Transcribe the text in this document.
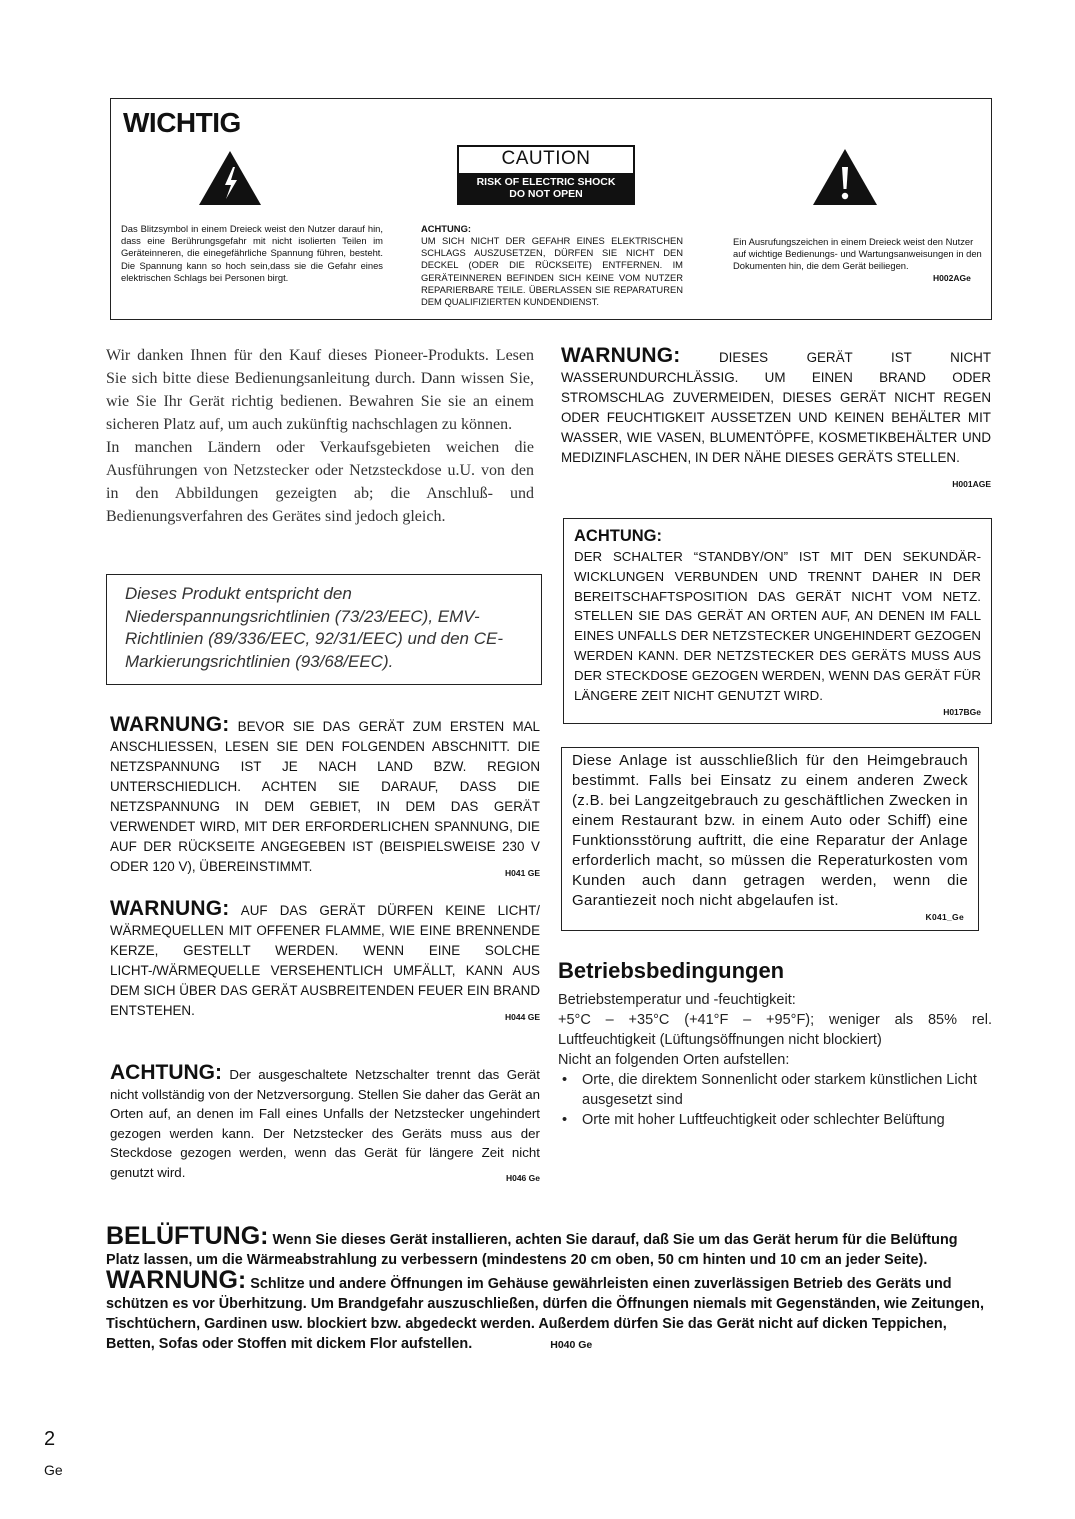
WICHTIG
CAUTION
RISK OF ELECTRIC SHOCK
DO NOT OPEN
Das Blitzsymbol in einem Dreieck weist den Nutzer darauf hin, dass eine Berührungsgefahr mit nicht isolierten Teilen im Geräteinneren, die einegefährliche Spannung führen, besteht. Die Spannung kann so hoch sein,dass sie die Gefahr eines elektrischen Schlags bei Personen birgt.
ACHTUNG:
UM SICH NICHT DER GEFAHR EINES ELEKTRISCHEN SCHLAGS AUSZUSETZEN, DÜRFEN SIE NICHT DEN DECKEL (ODER DIE RÜCKSEITE) ENTFERNEN. IM GERÄTEINNEREN BEFINDEN SICH KEINE VOM NUTZER REPARIERBARE TEILE. ÜBERLASSEN SIE REPARATUREN DEM QUALIFIZIERTEN KUNDENDIENST.
Ein Ausrufungszeichen in einem Dreieck weist den Nutzer auf wichtige Bedienungs- und Wartungsanweisungen in den Dokumenten hin, die dem Gerät beiliegen.
H002AGe

Wir danken Ihnen für den Kauf dieses Pioneer-Produkts. Lesen Sie sich bitte diese Bedienungsanleitung durch. Dann wissen Sie, wie Sie Ihr Gerät richtig bedienen. Bewahren Sie sie an einem sicheren Platz auf, um auch zukünftig nachschlagen zu können.

In manchen Ländern oder Verkaufsgebieten weichen die Ausführungen von Netzstecker oder Netzsteckdose u.U. von den in den Abbildungen gezeigten ab; die Anschluß- und Bedienungsverfahren des Gerätes sind jedoch gleich.

Dieses Produkt entspricht den Niederspannungsrichtlinien (73/23/EEC), EMV-Richtlinien (89/336/EEC, 92/31/EEC) und den CE-Markierungsrichtlinien (93/68/EEC).
WARNUNG: BEVOR SIE DAS GERÄT ZUM ERSTEN MAL ANSCHLIESSEN, LESEN SIE DEN FOLGENDEN ABSCHNITT. DIE NETZSPANNUNG IST JE NACH LAND BZW. REGION UNTERSCHIEDLICH. ACHTEN SIE DARAUF, DASS DIE NETZSPANNUNG IN DEM GEBIET, IN DEM DAS GERÄT VERWENDET WIRD, MIT DER ERFORDERLICHEN SPANNUNG, DIE AUF DER RÜCKSEITE ANGEGEBEN IST (BEISPIELSWEISE 230 V ODER 120 V), ÜBEREINSTIMMT.	H041 GE
WARNUNG: AUF DAS GERÄT DÜRFEN KEINE LICHT/ WÄRMEQUELLEN MIT OFFENER FLAMME, WIE EINE BRENNENDE KERZE, GESTELLT WERDEN. WENN EINE SOLCHE LICHT-/WÄRMEQUELLE VERSEHENTLICH UMFÄLLT, KANN AUS DEM SICH ÜBER DAS GERÄT AUSBREITENDEN FEUER EIN BRAND ENTSTEHEN.	H044 GE
ACHTUNG: Der ausgeschaltete Netzschalter trennt das Gerät nicht vollständig von der Netzversorgung. Stellen Sie daher das Gerät an Orten auf, an denen im Fall eines Unfalls der Netzstecker ungehindert gezogen werden kann. Der Netzstecker des Geräts muss aus der Steckdose gezogen werden, wenn das Gerät für längere Zeit nicht genutzt wird.	H046 Ge
WARNUNG: DIESES GERÄT IST NICHT WASSERUNDURCHLÄSSIG. UM EINEN BRAND ODER STROMSCHLAG ZUVERMEIDEN, DIESES GERÄT NICHT REGEN ODER FEUCHTIGKEIT AUSSETZEN UND KEINEN BEHÄLTER MIT WASSER, WIE VASEN, BLUMENTÖPFE, KOSMETIKBEHÄLTER UND MEDIZINFLASCHEN, IN DER NÄHE DIESES GERÄTS STELLEN.
H001AGE
ACHTUNG:
DER SCHALTER “STANDBY/ON” IST MIT DEN SEKUNDÄR-WICKLUNGEN VERBUNDEN UND TRENNT DAHER IN DER BEREITSCHAFTSPOSITION DAS GERÄT NICHT VOM NETZ. STELLEN SIE DAS GERÄT AN ORTEN AUF, AN DENEN IM FALL EINES UNFALLS DER NETZSTECKER UNGEHINDERT GEZOGEN WERDEN KANN. DER NETZSTECKER DES GERÄTS MUSS AUS DER STECKDOSE GEZOGEN WERDEN, WENN DAS GERÄT FÜR LÄNGERE ZEIT NICHT GENUTZT WIRD.
H017BGe
Diese Anlage ist ausschließlich für den Heimgebrauch bestimmt. Falls bei Einsatz zu einem anderen Zweck (z.B. bei Langzeitgebrauch zu geschäftlichen Zwecken in einem Restaurant bzw. in einem Auto oder Schiff) eine Funktionsstörung auftritt, die eine Reparatur der Anlage erforderlich macht, so müssen die Reperaturkosten vom Kunden auch dann getragen werden, wenn die Garantiezeit noch nicht abgelaufen ist.
K041_Ge
Betriebsbedingungen

Betriebstemperatur und -feuchtigkeit:

+5°C – +35°C (+41°F – +95°F); weniger als 85% rel. Luftfeuchtigkeit (Lüftungsöffnungen nicht blockiert)

Nicht an folgenden Orten aufstellen:

• Orte, die direktem Sonnenlicht oder starkem künstlichen Licht ausgesetzt sind
• Orte mit hoher Luftfeuchtigkeit oder schlechter Belüftung

BELÜFTUNG: Wenn Sie dieses Gerät installieren, achten Sie darauf, daß Sie um das Gerät herum für die Belüftung Platz lassen, um die Wärmeabstrahlung zu verbessern (mindestens 20 cm oben, 50 cm hinten und 10 cm an jeder Seite).

WARNUNG: Schlitze und andere Öffnungen im Gehäuse gewährleisten einen zuverlässigen Betrieb des Geräts und schützen es vor Überhitzung. Um Brandgefahr auszuschließen, dürfen die Öffnungen niemals mit Gegenständen, wie Zeitungen, Tischtüchern, Gardinen usw. blockiert bzw. abgedeckt werden. Außerdem dürfen Sie das Gerät nicht auf dicken Teppichen, Betten, Sofas oder Stoffen mit dickem Flor aufstellen.	H040 Ge

2
Ge
